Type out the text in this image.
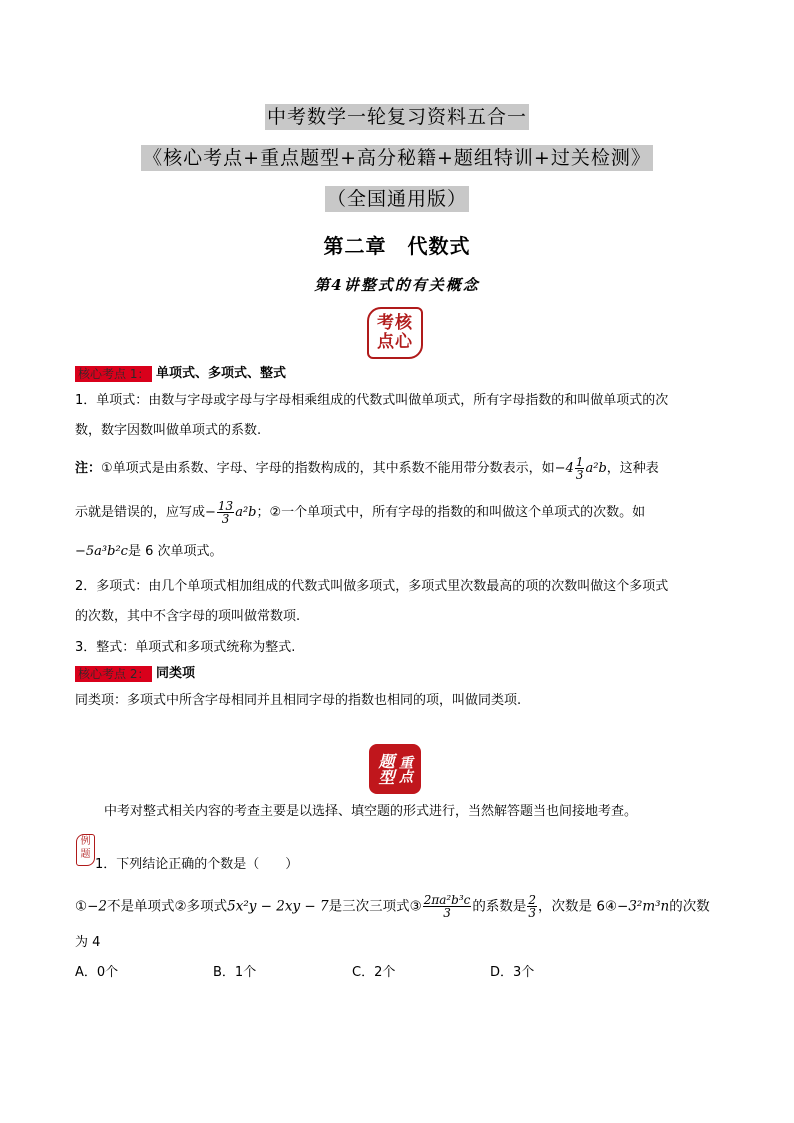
中考数学一轮复习资料五合一
《核心考点+重点题型+高分秘籍+题组特训+过关检测》
（全国通用版）
第二章　代数式
第4讲整式的有关概念
考核
点心
核心考点 1： 单项式、多项式、整式
1．单项式：由数与字母或字母与字母相乘组成的代数式叫做单项式，所有字母指数的和叫做单项式的次
数，数字因数叫做单项式的系数.
注：①单项式是由系数、字母、字母的指数构成的，其中系数不能用带分数表示，如$-4 \frac{1}{3} a^2b$，这种表
示就是错误的，应写成− $\frac{13}{3} a^2b$；②一个单项式中，所有字母的指数的和叫做这个单项式的次数。如
−5a³b²c是 6 次单项式。
2．多项式：由几个单项式相加组成的代数式叫做多项式，多项式里次数最高的项的次数叫做这个多项式
的次数，其中不含字母的项叫做常数项.
3．整式：单项式和多项式统称为整式.
核心考点 2： 同类项
同类项：多项式中所含字母相同并且相同字母的指数也相同的项，叫做同类项.
题型 重点
中考对整式相关内容的考查主要是以选择、填空题的形式进行，当然解答题当也间接地考查。
例题
1．下列结论正确的个数是（　　）
①−2不是单项式②多项式5x²y − 2xy − 7是三次三项式③ $\frac{\text{2πa²b³c}}{3}$ 的系数是 $\frac{2}{3}$ ，次数是 6④−3²m³n的次数
为 4
A．0个	B．1个	C．2个	D．3个
